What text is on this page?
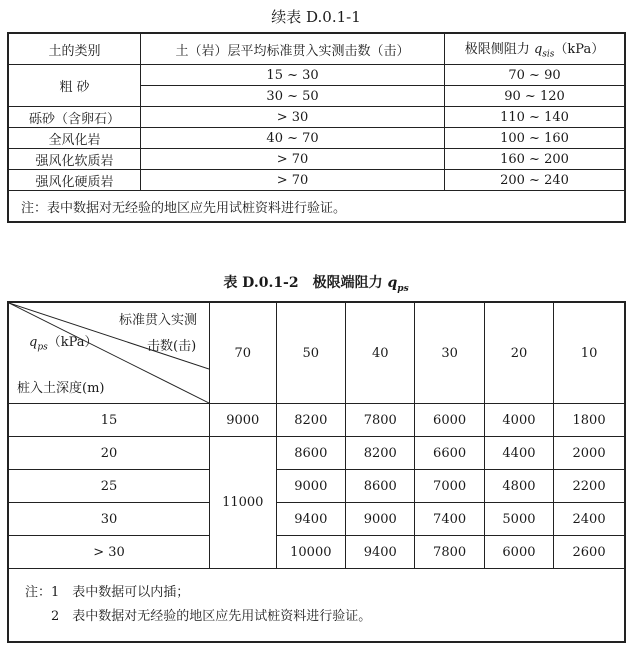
续表 D.0.1-1
土的类别	土（岩）层平均标准贯入实测击数（击）	极限侧阻力 $q_{sis}(kPa)$
粗 砂	15 ~ 30	70 ~ 90
	30 ~ 50	90 ~ 120
砾砂（含卵石）	> 30	110 ~ 140
全风化岩	40 ~ 70	100 ~ 160
强风化软质岩	> 70	160 ~ 200
强风化硬质岩	> 70	200 ~ 240
注：表中数据对无经验的地区应先用试桩资料进行验证。		
表 D.0.1-2　极限端阻力 $q_{ps}$
标准贯入实测
击数(击)
$q_{ps}(kPa)$
桩入土深度(m)	70	50	40	30	20	10
15	9000	8200	7800	6000	4000	1800
20	11000	8600	8200	6600	4400	2000
25		9000	8600	7000	4800	2200
30		9400	9000	7400	5000	2400
> 30		10000	9400	7800	6000	2600

注：1　表中数据可以内插；
　　2　表中数据对无经验的地区应先用试桩资料进行验证。						
